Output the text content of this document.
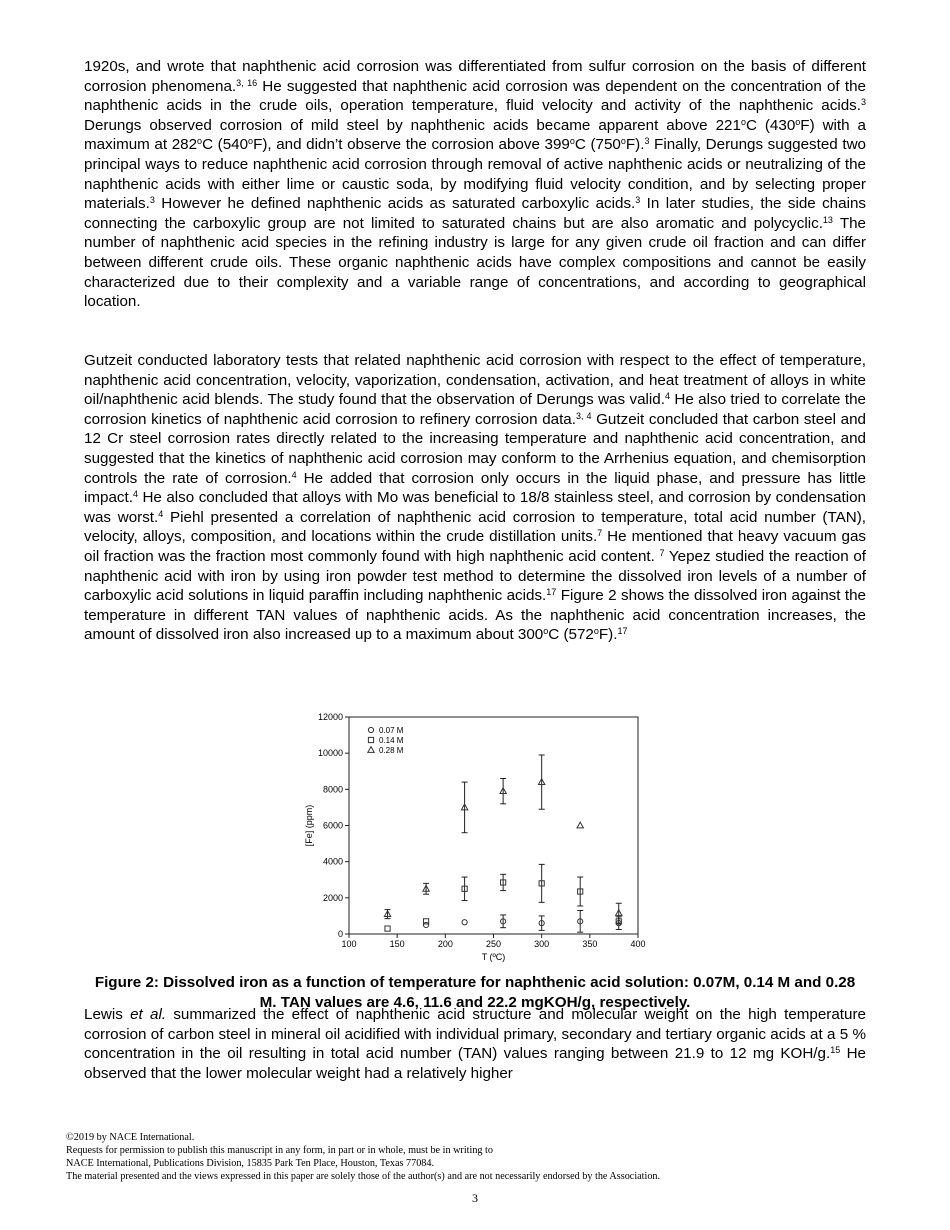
1920s, and wrote that naphthenic acid corrosion was differentiated from sulfur corrosion on the basis of different corrosion phenomena.$^{3, 16}$ He suggested that naphthenic acid corrosion was dependent on the concentration of the naphthenic acids in the crude oils, operation temperature, fluid velocity and activity of the naphthenic acids.$^3$ Derungs observed corrosion of mild steel by naphthenic acids became apparent above 221$^o$C (430$^o$F) with a maximum at 282$^o$C (540$^o$F), and didn’t observe the corrosion above 399$^o$C (750$^o$F).$^3$ Finally, Derungs suggested two principal ways to reduce naphthenic acid corrosion through removal of active naphthenic acids or neutralizing of the naphthenic acids with either lime or caustic soda, by modifying fluid velocity condition, and by selecting proper materials.$^3$ However he defined naphthenic acids as saturated carboxylic acids.$^3$ In later studies, the side chains connecting the carboxylic group are not limited to saturated chains but are also aromatic and polycyclic.$^{13}$ The number of naphthenic acid species in the refining industry is large for any given crude oil fraction and can differ between different crude oils. These organic naphthenic acids have complex compositions and cannot be easily characterized due to their complexity and a variable range of concentrations, and according to geographical location.

Gutzeit conducted laboratory tests that related naphthenic acid corrosion with respect to the effect of temperature, naphthenic acid concentration, velocity, vaporization, condensation, activation, and heat treatment of alloys in white oil/naphthenic acid blends. The study found that the observation of Derungs was valid.$^4$ He also tried to correlate the corrosion kinetics of naphthenic acid corrosion to refinery corrosion data.$^{3, 4}$ Gutzeit concluded that carbon steel and 12 Cr steel corrosion rates directly related to the increasing temperature and naphthenic acid concentration, and suggested that the kinetics of naphthenic acid corrosion may conform to the Arrhenius equation, and chemisorption controls the rate of corrosion.$^4$ He added that corrosion only occurs in the liquid phase, and pressure has little impact.$^4$ He also concluded that alloys with Mo was beneficial to 18/8 stainless steel, and corrosion by condensation was worst.$^4$ Piehl presented a correlation of naphthenic acid corrosion to temperature, total acid number (TAN), velocity, alloys, composition, and locations within the crude distillation units.$^7$ He mentioned that heavy vacuum gas oil fraction was the fraction most commonly found with high naphthenic acid content. $^7$ Yepez studied the reaction of naphthenic acid with iron by using iron powder test method to determine the dissolved iron levels of a number of carboxylic acid solutions in liquid paraffin including naphthenic acids.$^{17}$ Figure 2 shows the dissolved iron against the temperature in different TAN values of naphthenic acids. As the naphthenic acid concentration increases, the amount of dissolved iron also increased up to a maximum about 300$^o$C (572$^o$F).$^{17}$

100	150	200	250	300	350	400
0
2000
4000
6000
8000
10000
12000
T (ºC)
[Fe] (ppm)
0.07 M
0.14 M
0.28 M

Figure 2: Dissolved iron as a function of temperature for naphthenic acid solution: 0.07M, 0.14 M and 0.28 M. TAN values are 4.6, 11.6 and 22.2 mgKOH/g, respectively.

Lewis et al. summarized the effect of naphthenic acid structure and molecular weight on the high temperature corrosion of carbon steel in mineral oil acidified with individual primary, secondary and tertiary organic acids at a 5 % concentration in the oil resulting in total acid number (TAN) values ranging between 21.9 to 12 mg KOH/g.$^{15}$ He observed that the lower molecular weight had a relatively higher

©2019 by NACE International.
Requests for permission to publish this manuscript in any form, in part or in whole, must be in writing to
NACE International, Publications Division, 15835 Park Ten Place, Houston, Texas 77084.
The material presented and the views expressed in this paper are solely those of the author(s) and are not necessarily endorsed by the Association.
3
